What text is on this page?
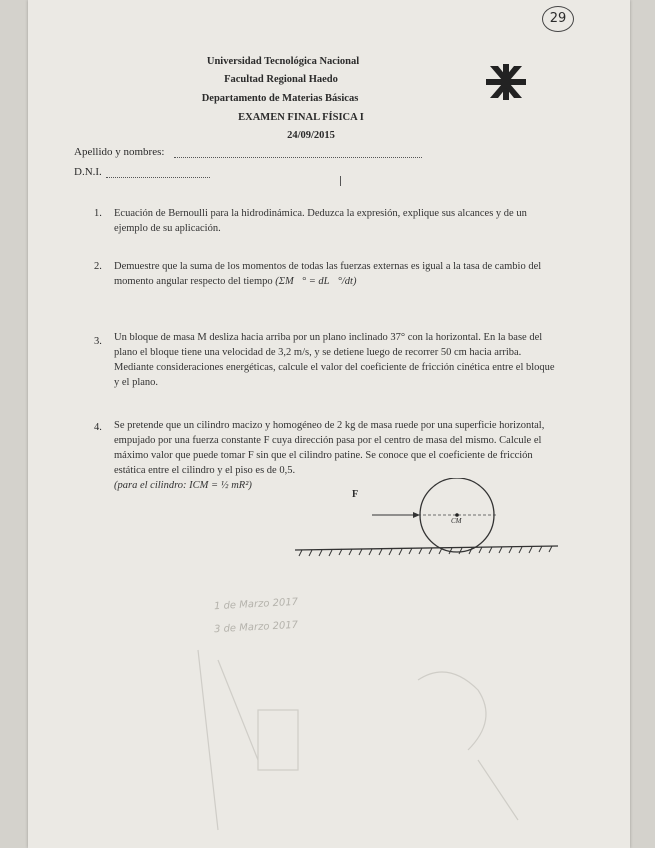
29
Universidad Tecnológica Nacional
Facultad Regional Haedo
Departamento de Materias Básicas
EXAMEN FINAL FÍSICA I
24/09/2015
Apellido y nombres:
D.N.I.
1. Ecuación de Bernoulli para la hidrodinámica. Deduzca la expresión, explique sus alcances y de un ejemplo de su aplicación.
2. Demuestre que la suma de los momentos de todas las fuerzas externas es igual a la tasa de cambio del momento angular respecto del tiempo (ΣM⃗° = dL⃗°/dt)
3. Un bloque de masa M desliza hacia arriba por un plano inclinado 37° con la horizontal. En la base del plano el bloque tiene una velocidad de 3,2 m/s, y se detiene luego de recorrer 50 cm hacia arriba. Mediante consideraciones energéticas, calcule el valor del coeficiente de fricción cinética entre el bloque y el plano.
4. Se pretende que un cilindro macizo y homogéneo de 2 kg de masa ruede por una superficie horizontal, empujado por una fuerza constante F cuya dirección pasa por el centro de masa del mismo. Calcule el máximo valor que puede tomar F sin que el cilindro patine. Se conoce que el coeficiente de fricción estática entre el cilindro y el piso es de 0,5.
(para el cilindro: ICM = ½ mR²)
F
CM
1 de Marzo 2017
3 de Marzo 2017
